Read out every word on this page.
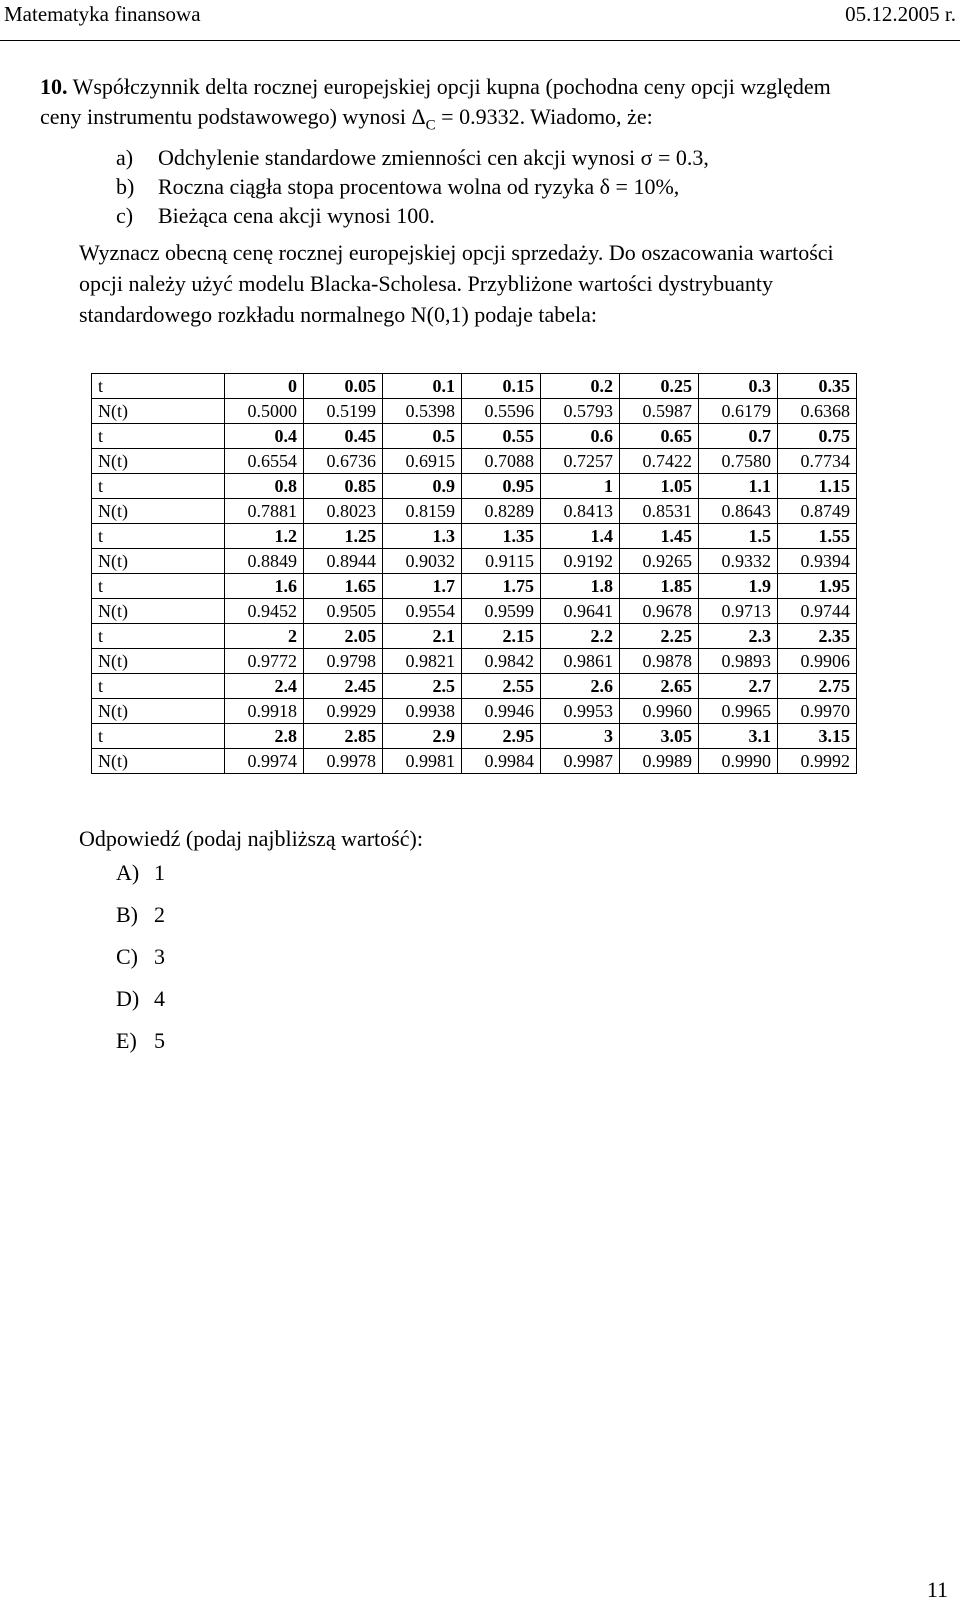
Matematyka finansowa	05.12.2005 r.
10. Współczynnik delta rocznej europejskiej opcji kupna (pochodna ceny opcji względem
ceny instrumentu podstawowego) wynosi $\Delta_C = 0.9332$. Wiadomo, że:
a) Odchylenie standardowe zmienności cen akcji wynosi σ = 0.3,
b) Roczna ciągła stopa procentowa wolna od ryzyka δ = 10%,
c) Bieżąca cena akcji wynosi 100.
Wyznacz obecną cenę rocznej europejskiej opcji sprzedaży. Do oszacowania wartości
opcji należy użyć modelu Blacka-Scholesa. Przybliżone wartości dystrybuanty
standardowego rozkładu normalnego N(0,1) podaje tabela:
t	0	0.05	0.1	0.15	0.2	0.25	0.3	0.35
N(t)	0.5000	0.5199	0.5398	0.5596	0.5793	0.5987	0.6179	0.6368
t	0.4	0.45	0.5	0.55	0.6	0.65	0.7	0.75
N(t)	0.6554	0.6736	0.6915	0.7088	0.7257	0.7422	0.7580	0.7734
t	0.8	0.85	0.9	0.95	1	1.05	1.1	1.15
N(t)	0.7881	0.8023	0.8159	0.8289	0.8413	0.8531	0.8643	0.8749
t	1.2	1.25	1.3	1.35	1.4	1.45	1.5	1.55
N(t)	0.8849	0.8944	0.9032	0.9115	0.9192	0.9265	0.9332	0.9394
t	1.6	1.65	1.7	1.75	1.8	1.85	1.9	1.95
N(t)	0.9452	0.9505	0.9554	0.9599	0.9641	0.9678	0.9713	0.9744
t	2	2.05	2.1	2.15	2.2	2.25	2.3	2.35
N(t)	0.9772	0.9798	0.9821	0.9842	0.9861	0.9878	0.9893	0.9906
t	2.4	2.45	2.5	2.55	2.6	2.65	2.7	2.75
N(t)	0.9918	0.9929	0.9938	0.9946	0.9953	0.9960	0.9965	0.9970
t	2.8	2.85	2.9	2.95	3	3.05	3.1	3.15
N(t)	0.9974	0.9978	0.9981	0.9984	0.9987	0.9989	0.9990	0.9992
Odpowiedź (podaj najbliższą wartość):
A) 1
B) 2
C) 3
D) 4
E) 5
11
